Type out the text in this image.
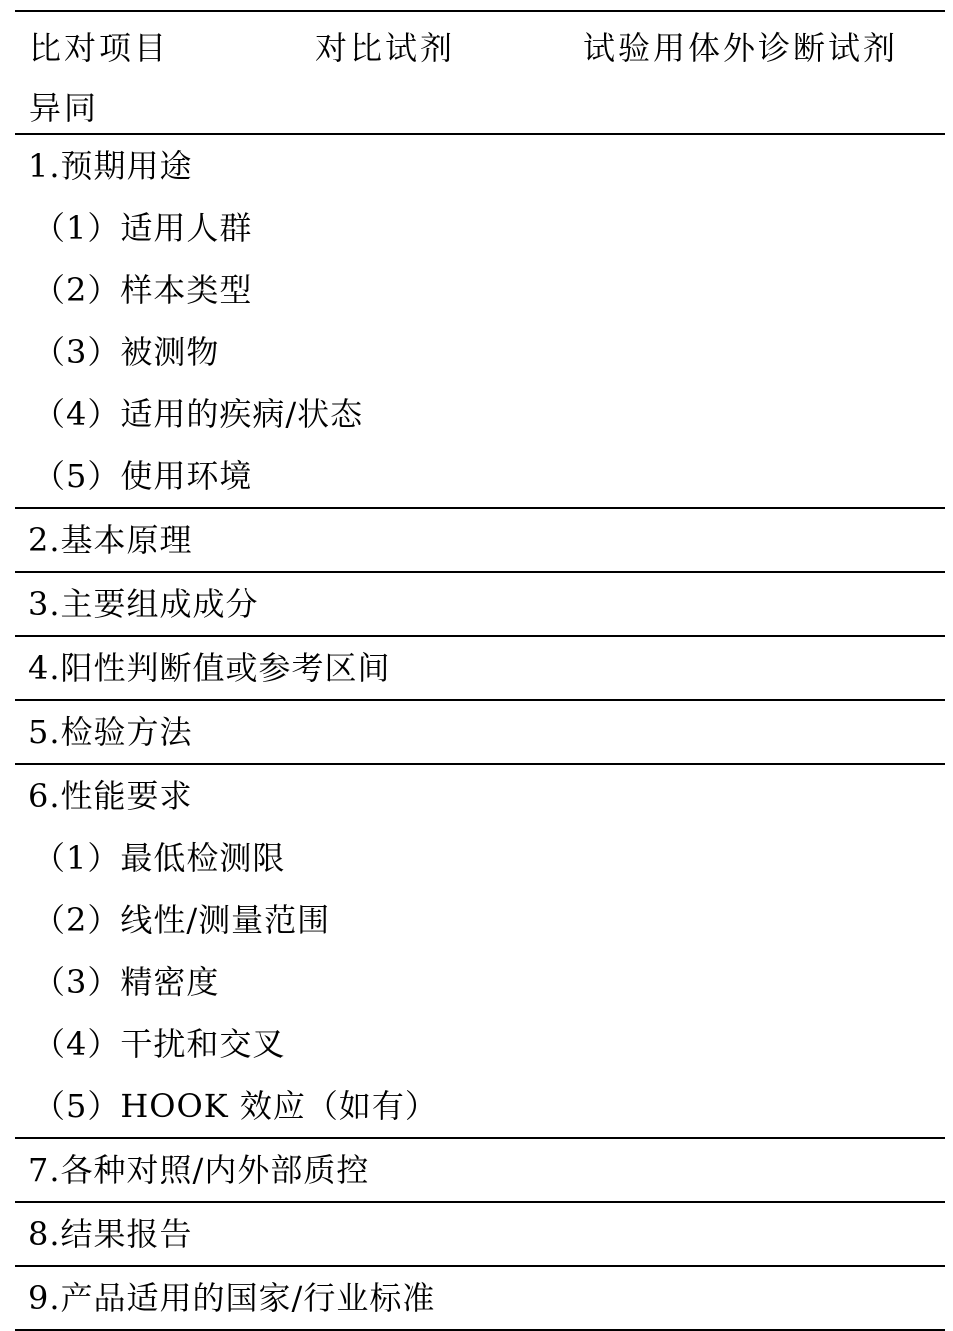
比对项目
异同
对比试剂	试验用体外诊断试剂
1.预期用途
（1）适用人群
（2）样本类型
（3）被测物
（4）适用的疾病/状态
（5）使用环境
2.基本原理
3.主要组成成分
4.阳性判断值或参考区间
5.检验方法
6.性能要求
（1）最低检测限
（2）线性/测量范围
（3）精密度
（4）干扰和交叉
（5）HOOK 效应（如有）
7.各种对照/内外部质控
8.结果报告
9.产品适用的国家/行业标准
